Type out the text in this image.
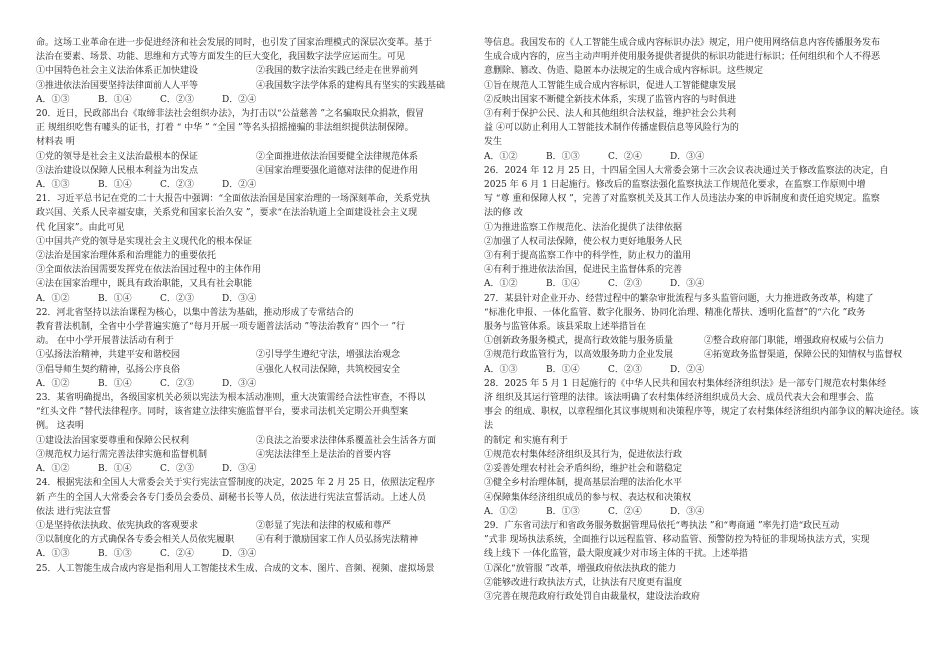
命。这场工业革命在进一步促进经济和社会发展的同时，也引发了国家治理模式的深层次变革。基于
法治在要素、场景、功能、思维和方式等方面发生的巨大变化，我国数字法学应运而生。可见
①中国特色社会主义法治体系正加快建设	②我国的数字法治实践已经走在世界前列
③推进依法治国要坚持法律面前人人平等	④我国数字法学体系的建构具有坚实的实践基础
A．①③	B．①④	C．②③	D．②④
20．近日，民政部出台《取缔非法社会组织办法》，为打击以“公益慈善 ”之名骗取民众捐款，假冒
正 规组织吃售有噱头的证书，打着 “ 中华 ” “全国 ”等名头招摇撞骗的非法组织提供法制保障。
材料表 明
①党的领导是社会主义法治最根本的保证	②全面推进依法治国要健全法律规范体系
③法治建设以保障人民根本利益为出发点	④国家治理要强化道德对法律的促进作用
A．①③	B．①④	C．②③	D．②④
21．习近平总书记在党的二十大报告中强调：“全面依法治国是国家治理的一场深刻革命，关系党执
政兴国、关系人民幸福安康，关系党和国家长治久安 ”，要求“在法治轨道上全面建设社会主义现
代 化国家”。由此可见
①中国共产党的领导是实现社会主义现代化的根本保证
②法治是国家治理体系和治理能力的重要依托
③全面依法治国需要发挥党在依法治国过程中的主体作用
④法在国家治理中，既具有政治职能，又具有社会职能
A．①②	B．①④	C．②③	D．③④
22．河北省坚持以法治课程为核心，以集中普法为基础，推动形成了专常结合的
教育普法机制，全省中小学普遍实施了“每月开展一项专题普法活动 ”等法治教育“ 四个一 ”行
动。 在中小学开展普法活动有利于
①弘扬法治精神，共建平安和谐校园	②引导学生遵纪守法，增强法治观念
③倡导师生契约精神，弘扬公序良俗	④强化人权司法保障，共筑校园安全
A．①②	B．①④	C．②③	D．③④
23．某省明确提出，各级国家机关必须以宪法为根本活动准则，重大决策需经合法性审查，不得以
“红头文件 ”替代法律程序。同时，该省建立法律实施监督平台，要求司法机关定期公开典型案
例。 这表明
①建设法治国家要尊重和保障公民权利	②良法之治要求法律体系覆盖社会生活各方面
③规范权力运行需完善法律实施和监督机制	④宪法法律至上是法治的首要内容
A．①②	B．①④	C．②③	D．③④
24．根据宪法和全国人大常委会关于实行宪法宣誓制度的决定，2025 年 2 月 25 日，依照法定程序
新 产生的全国人大常委会各专门委员会委员、副秘书长等人员，依法进行宪法宣誓活动。上述人员
依法 进行宪法宣誓
①是坚持依法执政、依宪执政的客观要求	②彰显了宪法和法律的权威和尊严
③以制度化的方式确保各专委会相关人员依宪履职	④有利于激励国家工作人员弘扬宪法精神
A．①③	B．①③	C．②④	D．③④
25．人工智能生成合成内容是指利用人工智能技术生成、合成的文本、图片、音频、视频、虚拟场景
等信息。我国发布的《人工智能生成合成内容标识办法》规定，用户使用网络信息内容传播服务发布
生成合成内容的，应当主动声明并使用服务提供者提供的标识功能进行标识；任何组织和个人不得恶
意删除、篡改、伪造、隐匿本办法规定的生成合成内容标识。这些规定
①旨在规范人工智能生成合成内容标识，促进人工智能健康发展
②反映出国家不断健全新技术体系，实现了监管内容的与时俱进
③有利于保护公民、法人和其他组织合法权益，维护社会公共利
益 ④可以防止利用人工智能技术制作传播虚假信息等风险行为的
发生
A．①②	B．①③	C．②④	D．③④
26．2024 年 12 月 25 日，十四届全国人大常委会第十三次会议表决通过关于修改监察法的决定，自
2025 年 6 月 1 日起施行。修改后的监察法强化监察执法工作规范化要求，在监察工作原则中增
写 “尊 重和保障人权 ”，完善了对监察机关及其工作人员违法办案的申诉制度和责任追究规定。监察
法的修 改
①为推进监察工作规范化、法治化提供了法律依据
②加强了人权司法保障，使公权力更好地服务人民
③有利于提高监察工作中的科学性，防止权力的滥用
④有利于推进依法治国，促进民主监督体系的完善
A．①②	B．①④	C．②③	D．③④
27．某县针对企业开办、经营过程中的繁杂审批流程与多头监管问题，大力推进政务改革，构建了
“标准化申报、一体化监管、数字化服务、协同化治理、精准化帮扶、透明化监督”的“六化 ”政务
服务与监管体系。该县采取上述举措旨在
①创新政务服务模式，提高行政效能与服务质量	②整合政府部门职能，增强政府权威与公信力
③规范行政监管行为，以高效服务助力企业发展	④拓宽政务监督渠道，保障公民的知情权与监督权
A．①③	B．①④	C．②③	D．②④
28．2025 年 5 月 1 日起施行的《中华人民共和国农村集体经济组织法》是一部专门规范农村集体经
济 组织及其运行管理的法律。该法明确了农村集体经济组织成员大会、成员代表大会和理事会、监
事会 的组成、职权，以章程细化其议事规则和决策程序等，规定了农村集体经济组织内部争议的解决途径。该法
的制定 和实施有利于
①规范农村集体经济组织及其行为，促进依法行政
②妥善处理农村社会矛盾纠纷，维护社会和谐稳定
③健全乡村治理体制，提高基层治理的法治化水平
④保障集体经济组织成员的参与权、表达权和决策权
A．①②	B．①③	C．②④	D．③④
29．广东省司法厅和省政务服务数据管理局依托“粤执法 ”和“粤商通 ”率先打造“政民互动
”式非 现场执法系统，全面推行以远程监管、移动监管、预警防控为特征的非现场执法方式，实现
线上线下 一体化监管，最大限度减少对市场主体的干扰。上述举措
①深化“放管服 ”改革，增强政府依法执政的能力
②能够改进行政执法方式，让执法有尺度更有温度
③完善在规范政府行政处罚自由裁量权，建设法治政府
